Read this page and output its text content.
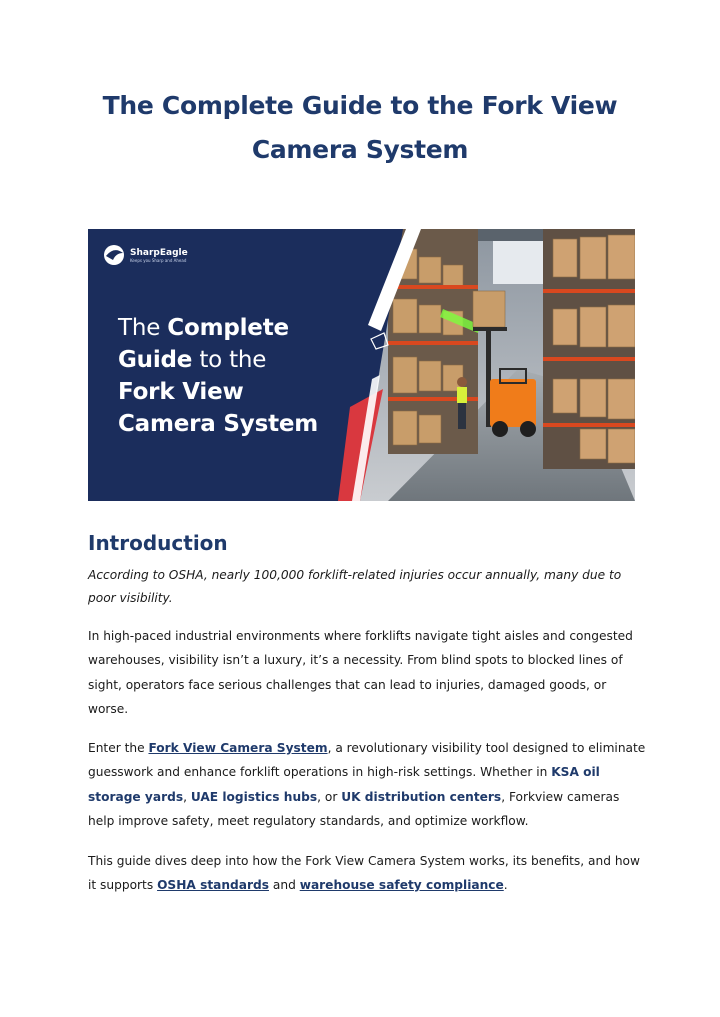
The Complete Guide to the Fork View
Camera System
SharpEagle
Keeps you Sharp and Ahead
The Complete
Guide to the
Fork View
Camera System
Introduction

According to OSHA, nearly 100,000 forklift-related injuries occur annually, many due to poor visibility.

In high-paced industrial environments where forklifts navigate tight aisles and congested warehouses, visibility isn’t a luxury, it’s a necessity. From blind spots to blocked lines of sight, operators face serious challenges that can lead to injuries, damaged goods, or worse.

Enter the Fork View Camera System, a revolutionary visibility tool designed to eliminate guesswork and enhance forklift operations in high-risk settings. Whether in KSA oil storage yards, UAE logistics hubs, or UK distribution centers, Forkview cameras help improve safety, meet regulatory standards, and optimize workflow.

This guide dives deep into how the Fork View Camera System works, its benefits, and how it supports OSHA standards and warehouse safety compliance.
